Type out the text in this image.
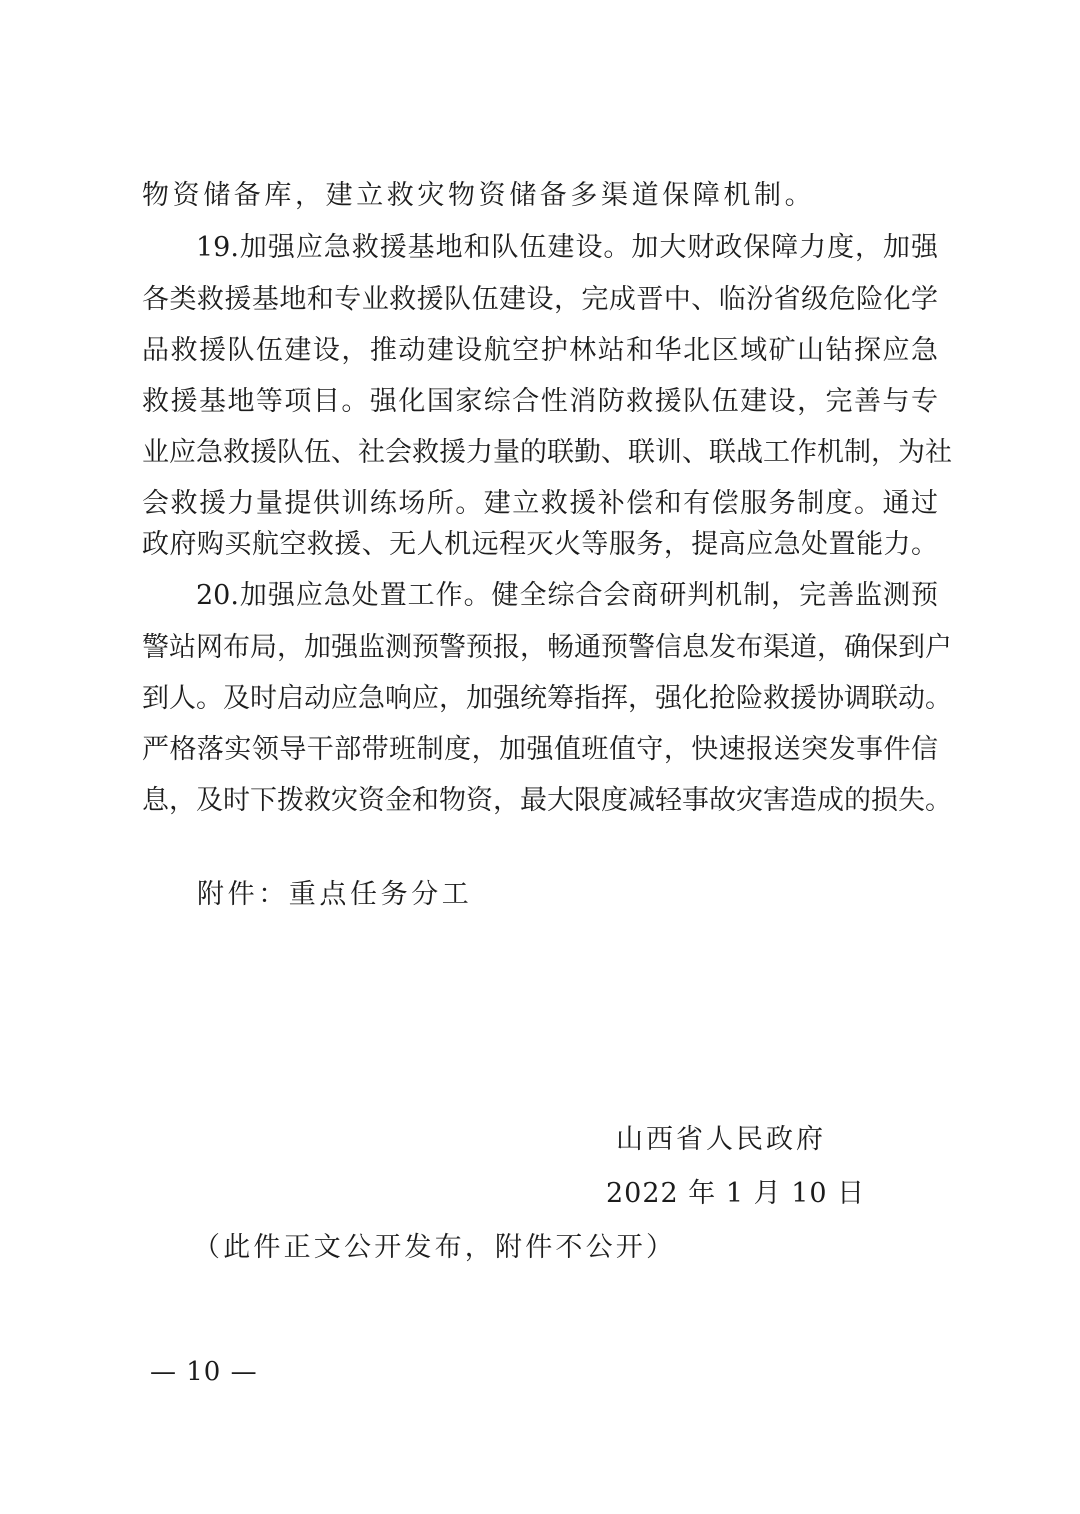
物资储备库，建立救灾物资储备多渠道保障机制。
19.加强应急救援基地和队伍建设。加大财政保障力度，加强
各类救援基地和专业救援队伍建设，完成晋中、临汾省级危险化学
品救援队伍建设，推动建设航空护林站和华北区域矿山钻探应急
救援基地等项目。强化国家综合性消防救援队伍建设，完善与专
业应急救援队伍、社会救援力量的联勤、联训、联战工作机制，为社
会救援力量提供训练场所。建立救援补偿和有偿服务制度。通过
政府购买航空救援、无人机远程灭火等服务，提高应急处置能力。
20.加强应急处置工作。健全综合会商研判机制，完善监测预
警站网布局，加强监测预警预报，畅通预警信息发布渠道，确保到户
到人。及时启动应急响应，加强统筹指挥，强化抢险救援协调联动。
严格落实领导干部带班制度，加强值班值守，快速报送突发事件信
息，及时下拨救灾资金和物资，最大限度减轻事故灾害造成的损失。
附件：重点任务分工
山西省人民政府
2022 年 1 月 10 日
（此件正文公开发布，附件不公开）
— 10 —
